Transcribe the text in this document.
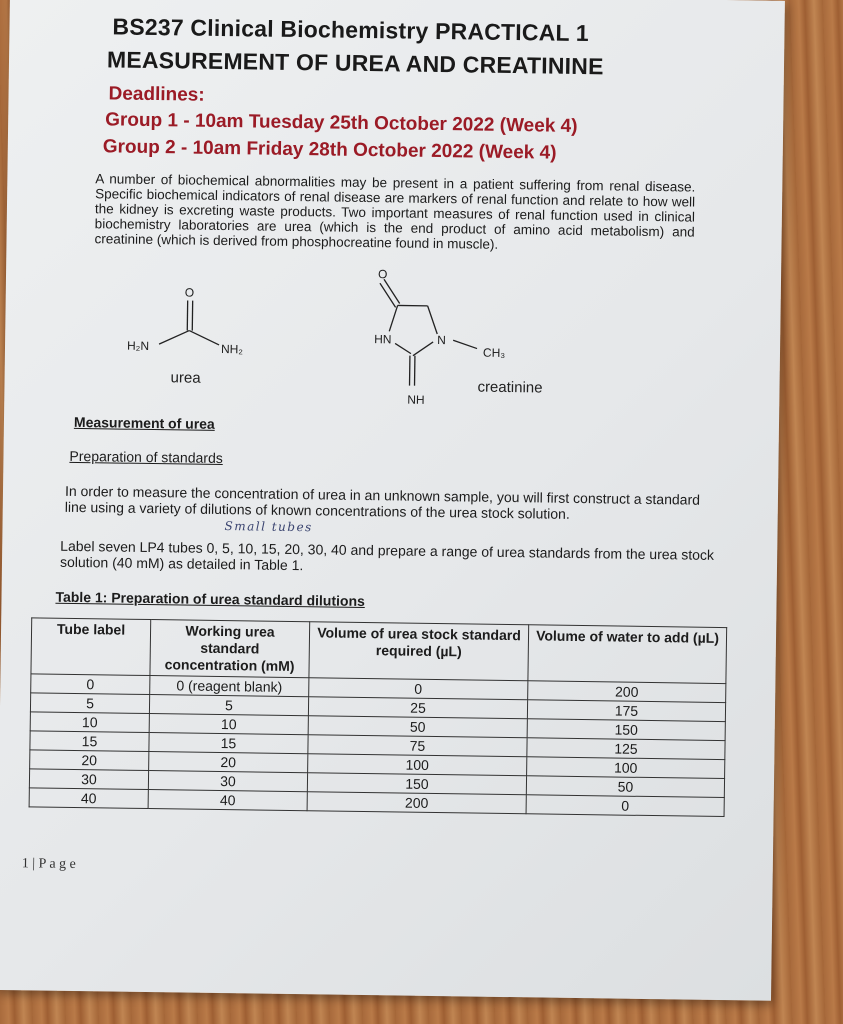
BS237 Clinical Biochemistry PRACTICAL 1
MEASUREMENT OF UREA AND CREATININE
Deadlines:
Group 1 - 10am Tuesday 25th October 2022 (Week 4)
Group 2 - 10am Friday 28th October 2022 (Week 4)
A number of biochemical abnormalities may be present in a patient suffering from renal disease. Specific biochemical indicators of renal disease are markers of renal function and relate to how well the kidney is excreting waste products. Two important measures of renal function used in clinical biochemistry laboratories are urea (which is the end product of amino acid metabolism) and creatinine (which is derived from phosphocreatine found in muscle).
O
H₂N	NH₂
urea
O
HN	N
CH₃
NH
creatinine
Measurement of urea
Preparation of standards
In order to measure the concentration of urea in an unknown sample, you will first construct a standard line using a variety of dilutions of known concentrations of the urea stock solution.
Small tubes
Label seven LP4 tubes 0, 5, 10, 15, 20, 30, 40 and prepare a range of urea standards from the urea stock solution (40 mM) as detailed in Table 1.
Table 1: Preparation of urea standard dilutions
Tube label	Working urea standard concentration (mM)	Volume of urea stock standard required (µL)	Volume of water to add (µL)
0	0 (reagent blank)	0	200
5	5	25	175
10	10	50	150
15	15	75	125
20	20	100	100
30	30	150	50
40	40	200	0
1 | P a g e
